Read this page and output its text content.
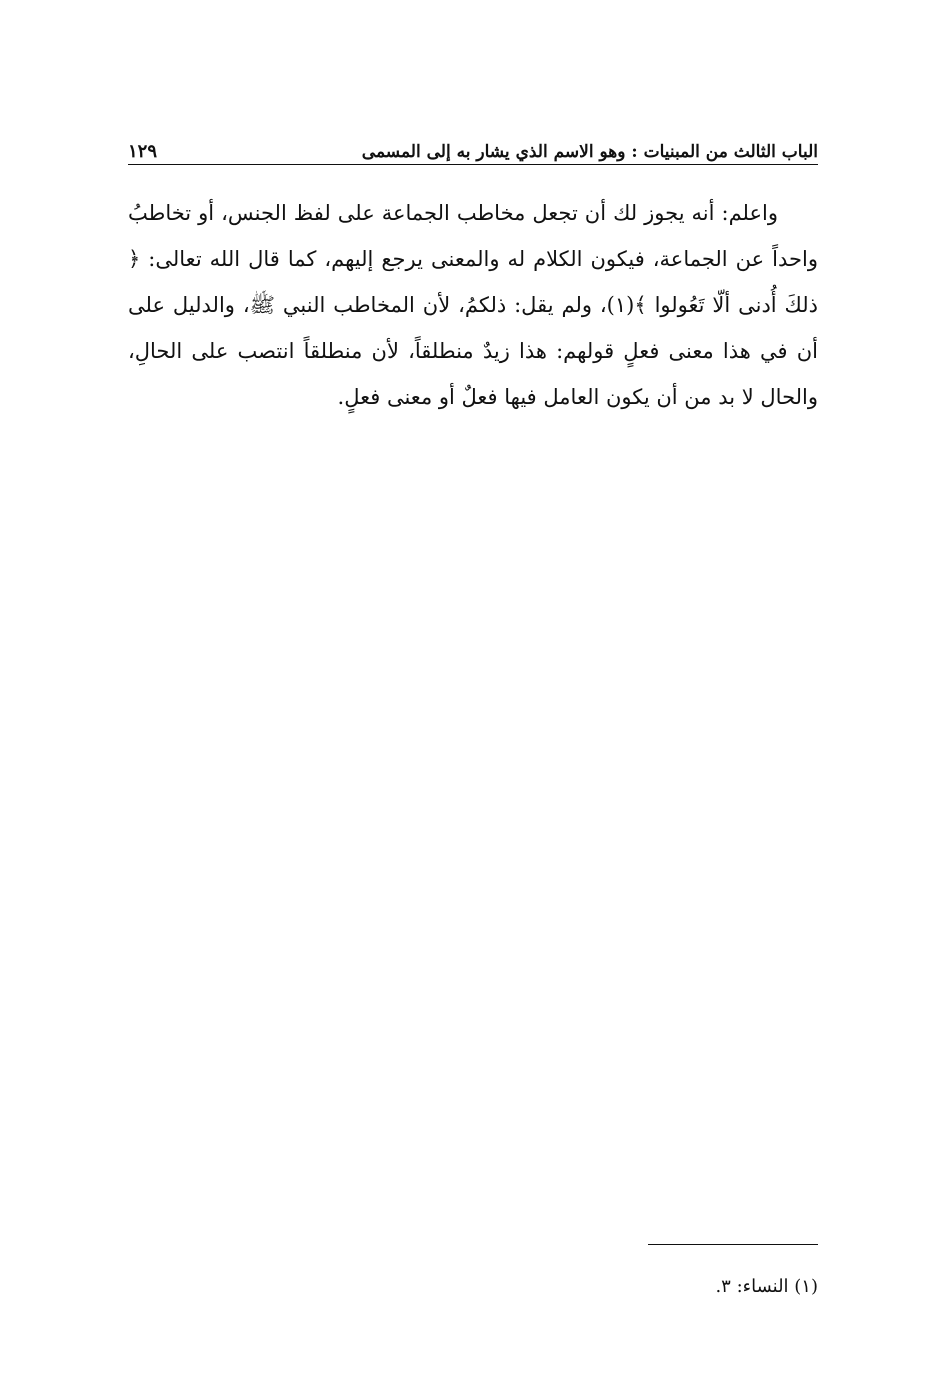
الباب الثالث من المبنيات : وهو الاسم الذي يشار به إلى المسمى
١٢٩

واعلم: أنه يجوز لك أن تجعل مخاطب الجماعة على لفظ الجنس، أو تخاطبُ واحداً عن الجماعة، فيكون الكلام له والمعنى يرجع إليهم، كما قال الله تعالى: ﴿ ذلكَ أُدنى ألّا تَعُولوا ﴾(١)، ولم يقل: ذلكمُ، لأن المخاطب النبي ﷺ، والدليل على أن في هذا معنى فعلٍ قولهم: هذا زيدٌ منطلقاً، لأن منطلقاً انتصب على الحالِ، والحال لا بد من أن يكون العامل فيها فعلٌ أو معنى فعلٍ.

(١) النساء: ٣.
